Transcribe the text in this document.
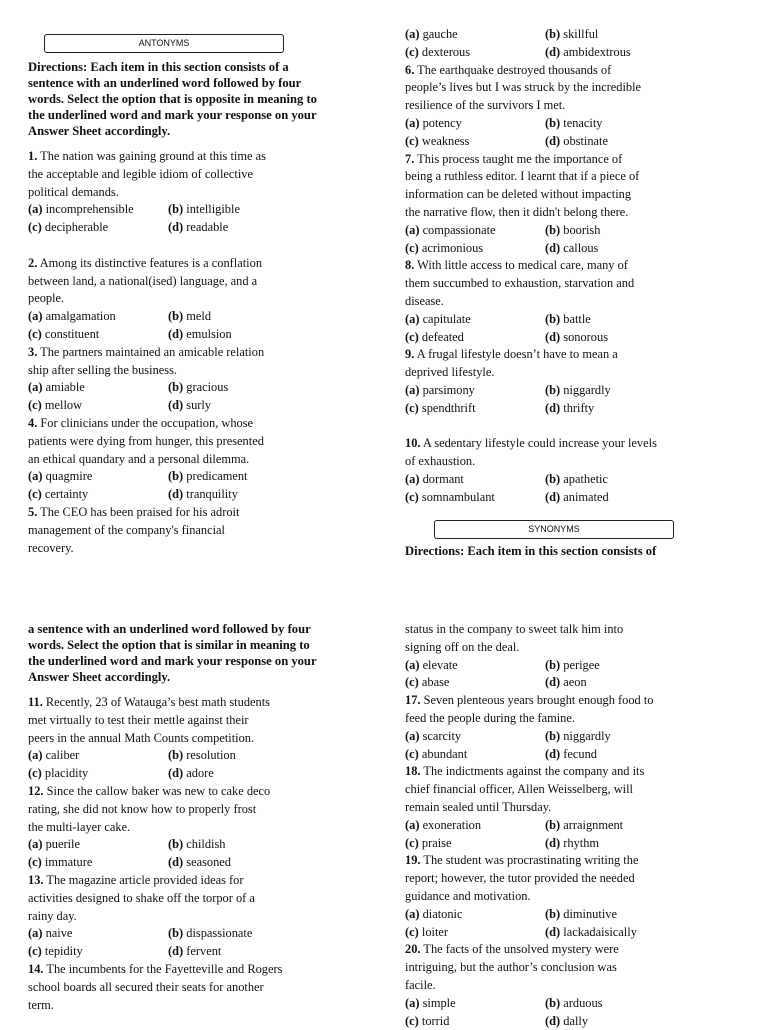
ANTONYMS

Directions: Each item in this section consists of a sentence with an underlined word followed by four words. Select the option that is opposite in meaning to the underlined word and mark your response on your Answer Sheet accordingly.

1. The nation was gaining ground at this time as

the acceptable and legible idiom of collective

political demands.

(a) incomprehensible	(b) intelligible
(c) decipherable	(d) readable

2. Among its distinctive features is a conflation

between land, a national(ised) language, and a

people.

(a) amalgamation	(b) meld
(c) constituent	(d) emulsion

3. The partners maintained an amicable relation

ship after selling the business.

(a) amiable	(b) gracious
(c) mellow	(d) surly

4. For clinicians under the occupation, whose

patients were dying from hunger, this presented

an ethical quandary and a personal dilemma.

(a) quagmire	(b) predicament
(c) certainty	(d) tranquility

5. The CEO has been praised for his adroit

management of the company's financial

recovery.

(a) gauche	(b) skillful
(c) dexterous	(d) ambidextrous

6. The earthquake destroyed thousands of

people’s lives but I was struck by the incredible

resilience of the survivors I met.

(a) potency	(b) tenacity
(c) weakness	(d) obstinate

7. This process taught me the importance of

being a ruthless editor. I learnt that if a piece of

information can be deleted without impacting

the narrative flow, then it didn't belong there.

(a) compassionate	(b) boorish
(c) acrimonious	(d) callous

8. With little access to medical care, many of

them succumbed to exhaustion, starvation and

disease.

(a) capitulate	(b) battle
(c) defeated	(d) sonorous

9. A frugal lifestyle doesn’t have to mean a

deprived lifestyle.

(a) parsimony	(b) niggardly
(c) spendthrift	(d) thrifty

10. A sedentary lifestyle could increase your levels

of exhaustion.

(a) dormant	(b) apathetic
(c) somnambulant	(d) animated
SYNONYMS

Directions: Each item in this section consists of

a sentence with an underlined word followed by four words. Select the option that is similar in meaning to the underlined word and mark your response on your Answer Sheet accordingly.

11. Recently, 23 of Watauga’s best math students

met virtually to test their mettle against their

peers in the annual Math Counts competition.

(a) caliber	(b) resolution
(c) placidity	(d) adore

12. Since the callow baker was new to cake deco

rating, she did not know how to properly frost

the multi-layer cake.

(a) puerile	(b) childish
(c) immature	(d) seasoned

13. The magazine article provided ideas for

activities designed to shake off the torpor of a

rainy day.

(a) naive	(b) dispassionate
(c) tepidity	(d) fervent

14. The incumbents for the Fayetteville and Rogers

school boards all secured their seats for another

term.

status in the company to sweet talk him into

signing off on the deal.

(a) elevate	(b) perigee
(c) abase	(d) aeon

17. Seven plenteous years brought enough food to

feed the people during the famine.

(a) scarcity	(b) niggardly
(c) abundant	(d) fecund

18. The indictments against the company and its

chief financial officer, Allen Weisselberg, will

remain sealed until Thursday.

(a) exoneration	(b) arraignment
(c) praise	(d) rhythm

19. The student was procrastinating writing the

report; however, the tutor provided the needed

guidance and motivation.

(a) diatonic	(b) diminutive
(c) loiter	(d) lackadaisically

20. The facts of the unsolved mystery were

intriguing, but the author’s conclusion was

facile.

(a) simple	(b) arduous
(c) torrid	(d) dally
